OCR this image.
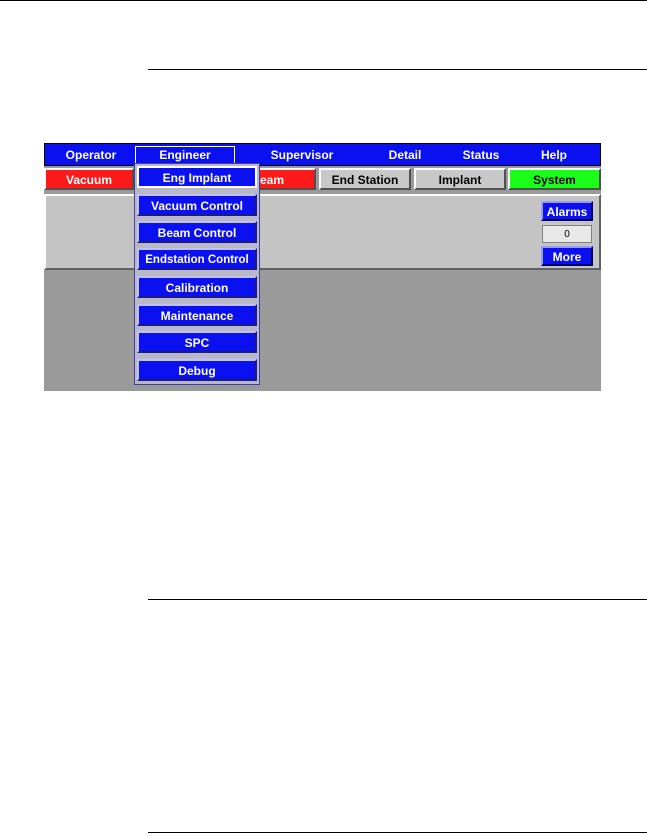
Operator	Engineer	Supervisor	Detail	Status	Help
Vacuum	eam	End Station	Implant	System
Alarms
0
More
Eng Implant
Vacuum Control
Beam Control
Endstation Control
Calibration
Maintenance
SPC
Debug
